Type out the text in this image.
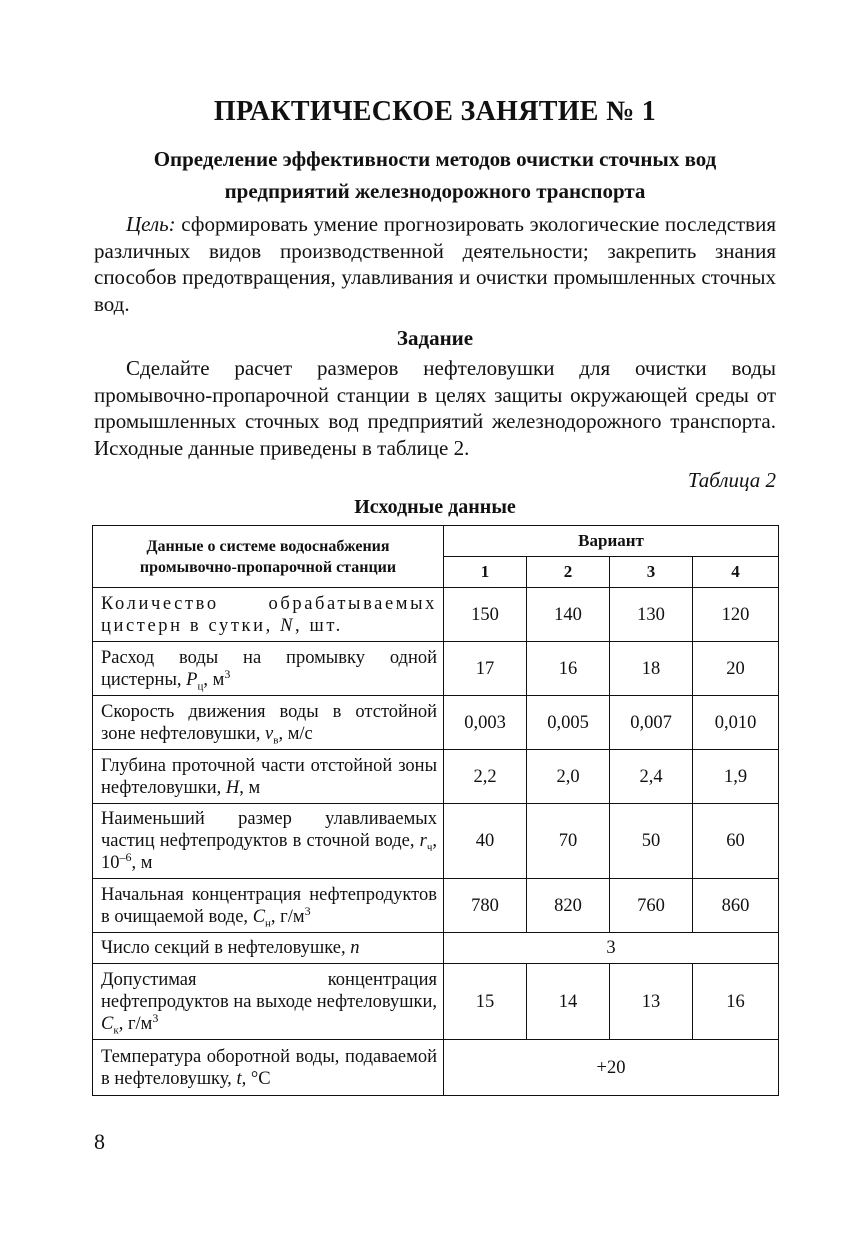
ПРАКТИЧЕСКОЕ ЗАНЯТИЕ № 1
Определение эффективности методов очистки сточных вод
предприятий железнодорожного транспорта

Цель: сформировать умение прогнозировать экологические последствия различных видов производственной деятельности; закрепить знания способов предотвращения, улавливания и очистки промышленных сточных вод.

Задание

Сделайте расчет размеров нефтеловушки для очистки воды промывочно-пропарочной станции в целях защиты окружающей среды от промышленных сточных вод предприятий железнодорожного транспорта. Исходные данные приведены в таблице 2.

Таблица 2
Исходные данные
Данные о системе водоснабжения промывочно-пропарочной станции	Вариант			
	1	2	3	4
Количество обрабатываемых цистерн в сутки, N, шт.	150	140	130	120
Расход воды на промывку одной цистерны, $P_ц$, $м^3$	17	16	18	20
Скорость движения воды в отстойной зоне нефтеловушки, $v_в$, м/с	0,003	0,005	0,007	0,010
Глубина проточной части отстойной зоны нефтеловушки, H, м	2,2	2,0	2,4	1,9
Наименьший размер улавливаемых частиц нефтепродуктов в сточной воде, $r_ч$, $10^{-6}$, м	40	70	50	60
Начальная концентрация нефтепродуктов в очищаемой воде, $C_н$, $г/м^3$	780	820	760	860
Число секций в нефтеловушке, n	3			
Допустимая концентрация нефтепродуктов на выходе нефтеловушки, $C_к$, $г/м^3$	15	14	13	16
Температура оборотной воды, подаваемой в нефтеловушку, t, °C	+20			
8
